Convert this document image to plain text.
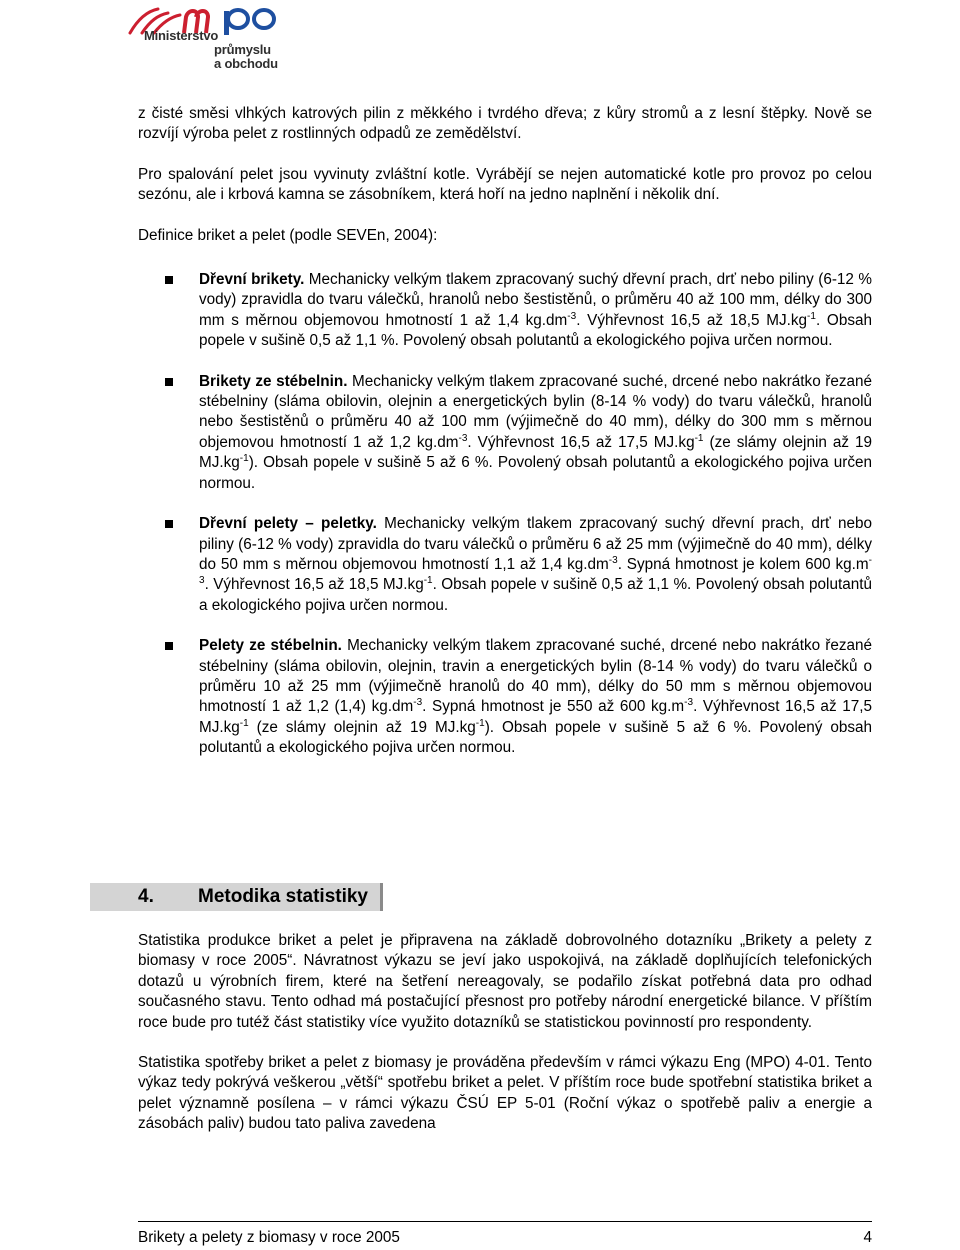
Ministerstvo
průmyslu
a obchodu

z čisté směsi vlhkých katrových pilin z měkkého i tvrdého dřeva; z kůry stromů a z lesní štěpky. Nově se rozvíjí výroba pelet z rostlinných odpadů ze zemědělství.

Pro spalování pelet jsou vyvinuty zvláštní kotle. Vyrábějí se nejen automatické kotle pro provoz po celou sezónu, ale i krbová kamna se zásobníkem, která hoří na jedno naplnění i několik dní.

Definice briket a pelet (podle SEVEn, 2004):

Dřevní brikety. Mechanicky velkým tlakem zpracovaný suchý dřevní prach, drť nebo piliny (6-12 % vody) zpravidla do tvaru válečků, hranolů nebo šestistěnů, o průměru 40 až 100 mm, délky do 300 mm s měrnou objemovou hmotností 1 až 1,4 $kg.dm^{-3}$. Výhřevnost 16,5 až 18,5 $MJ.kg^{-1}$. Obsah popele v sušině 0,5 až 1,1 %. Povolený obsah polutantů a ekologického pojiva určen normou.
Brikety ze stébelnin. Mechanicky velkým tlakem zpracované suché, drcené nebo nakrátko řezané stébelniny (sláma obilovin, olejnin a energetických bylin (8-14 % vody) do tvaru válečků, hranolů nebo šestistěnů o průměru 40 až 100 mm (výjimečně do 40 mm), délky do 300 mm s měrnou objemovou hmotností 1 až 1,2 $kg.dm^{-3}$. Výhřevnost 16,5 až 17,5 $MJ.kg^{-1}$ (ze slámy olejnin až 19 $MJ.kg^{-1}$). Obsah popele v sušině 5 až 6 %. Povolený obsah polutantů a ekologického pojiva určen normou.
Dřevní pelety – peletky. Mechanicky velkým tlakem zpracovaný suchý dřevní prach, drť nebo piliny (6-12 % vody) zpravidla do tvaru válečků o průměru 6 až 25 mm (výjimečně do 40 mm), délky do 50 mm s měrnou objemovou hmotností 1,1 až 1,4 $kg.dm^{-3}$. Sypná hmotnost je kolem 600 $kg.m^{-3}$. Výhřevnost 16,5 až 18,5 $MJ.kg^{-1}$. Obsah popele v sušině 0,5 až 1,1 %. Povolený obsah polutantů a ekologického pojiva určen normou.
Pelety ze stébelnin. Mechanicky velkým tlakem zpracované suché, drcené nebo nakrátko řezané stébelniny (sláma obilovin, olejnin, travin a energetických bylin (8-14 % vody) do tvaru válečků o průměru 10 až 25 mm (výjimečně hranolů do 40 mm), délky do 50 mm s měrnou objemovou hmotností 1 až 1,2 (1,4) $kg.dm^{-3}$. Sypná hmotnost je 550 až 600 $kg.m^{-3}$. Výhřevnost 16,5 až 17,5 $MJ.kg^{-1}$ (ze slámy olejnin až 19 $MJ.kg^{-1}$). Obsah popele v sušině 5 až 6 %. Povolený obsah polutantů a ekologického pojiva určen normou.
4. Metodika statistiky

Statistika produkce briket a pelet je připravena na základě dobrovolného dotazníku „Brikety a pelety z biomasy v roce 2005“. Návratnost výkazu se jeví jako uspokojivá, na základě doplňujících telefonických dotazů u výrobních firem, které na šetření nereagovaly, se podařilo získat potřebná data pro odhad současného stavu. Tento odhad má postačující přesnost pro potřeby národní energetické bilance. V příštím roce bude pro tutéž část statistiky více využito dotazníků se statistickou povinností pro respondenty.

Statistika spotřeby briket a pelet z biomasy je prováděna především v rámci výkazu Eng (MPO) 4-01. Tento výkaz tedy pokrývá veškerou „větší“ spotřebu briket a pelet. V příštím roce bude spotřební statistika briket a pelet významně posílena – v rámci výkazu ČSÚ EP 5-01 (Roční výkaz o spotřebě paliv a energie a zásobách paliv) budou tato paliva zavedena

Brikety a pelety z biomasy v roce 2005	4
